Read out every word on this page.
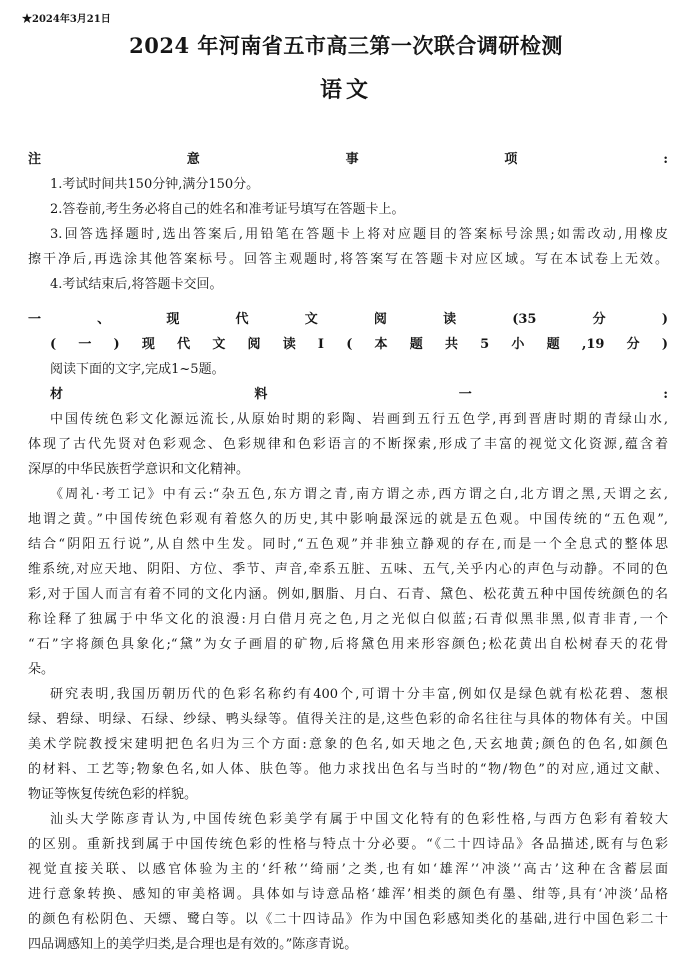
★2024年3月21日
2024 年河南省五市高三第一次联合调研检测
语文
注意事项:
1.考试时间共150分钟,满分150分。
2.答卷前,考生务必将自己的姓名和准考证号填写在答题卡上。
3.回答选择题时,选出答案后,用铅笔在答题卡上将对应题目的答案标号涂黑;如需改动,用橡皮
擦干净后,再选涂其他答案标号。回答主观题时,将答案写在答题卡对应区域。写在本试卷上无效。
4.考试结束后,将答题卡交回。
一、现代文阅读(35分)
(一)现代文阅读Ⅰ(本题共5小题,19分)
阅读下面的文字,完成1~5题。
材料一:
中国传统色彩文化源远流长,从原始时期的彩陶、岩画到五行五色学,再到晋唐时期的青绿山水,
体现了古代先贤对色彩观念、色彩规律和色彩语言的不断探索,形成了丰富的视觉文化资源,蕴含着
深厚的中华民族哲学意识和文化精神。
《周礼·考工记》中有云:“杂五色,东方谓之青,南方谓之赤,西方谓之白,北方谓之黑,天谓之玄,
地谓之黄。”中国传统色彩观有着悠久的历史,其中影响最深远的就是五色观。中国传统的“五色观”,
结合“阴阳五行说”,从自然中生发。同时,“五色观”并非独立静观的存在,而是一个全息式的整体思
维系统,对应天地、阴阳、方位、季节、声音,牵系五脏、五味、五气,关乎内心的声色与动静。不同的色
彩,对于国人而言有着不同的文化内涵。例如,胭脂、月白、石青、黛色、松花黄五种中国传统颜色的名
称诠释了独属于中华文化的浪漫:月白借月亮之色,月之光似白似蓝;石青似黑非黑,似青非青,一个
“石”字将颜色具象化;“黛”为女子画眉的矿物,后将黛色用来形容颜色;松花黄出自松树春天的花骨
朵。
研究表明,我国历朝历代的色彩名称约有400个,可谓十分丰富,例如仅是绿色就有松花碧、葱根
绿、碧绿、明绿、石绿、纱绿、鸭头绿等。值得关注的是,这些色彩的命名往往与具体的物体有关。中国
美术学院教授宋建明把色名归为三个方面:意象的色名,如天地之色,天玄地黄;颜色的色名,如颜色
的材料、工艺等;物象色名,如人体、肤色等。他力求找出色名与当时的“物/物色”的对应,通过文献、
物证等恢复传统色彩的样貌。
汕头大学陈彦青认为,中国传统色彩美学有属于中国文化特有的色彩性格,与西方色彩有着较大
的区别。重新找到属于中国传统色彩的性格与特点十分必要。“《二十四诗品》各品描述,既有与色彩
视觉直接关联、以感官体验为主的‘纤秾’‘绮丽’之类,也有如‘雄浑’‘冲淡’‘高古’这种在含蓄层面
进行意象转换、感知的审美格调。具体如与诗意品格‘雄浑’相类的颜色有墨、绀等,具有‘冲淡’品格
的颜色有松阴色、天缥、鹭白等。以《二十四诗品》作为中国色彩感知类化的基础,进行中国色彩二十
四品调感知上的美学归类,是合理也是有效的。”陈彦青说。
